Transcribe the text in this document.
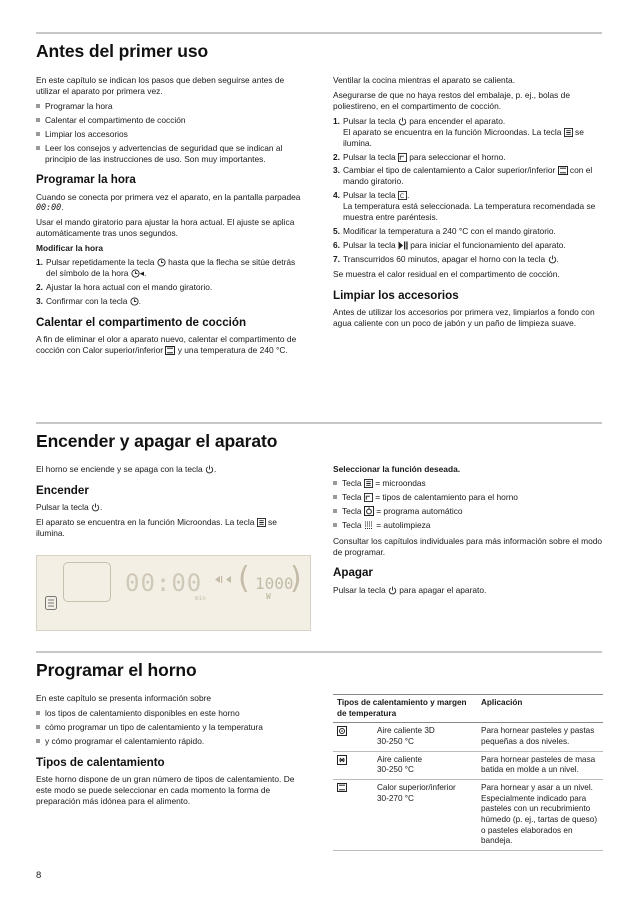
Antes del primer uso

En este capítulo se indican los pasos que deben seguirse antes de utilizar el aparato por primera vez.

Programar la hora
Calentar el compartimento de cocción
Limpiar los accesorios
Leer los consejos y advertencias de seguridad que se indican al principio de las instrucciones de uso. Son muy importantes.
Programar la hora

Cuando se conecta por primera vez el aparato, en la pantalla parpadea 00:00.

Usar el mando giratorio para ajustar la hora actual. El ajuste se aplica automáticamente tras unos segundos.

Modificar la hora
1. Pulsar repetidamente la tecla  hasta que la flecha se sitúe detrás del símbolo de la hora ◂.
2. Ajustar la hora actual con el mando giratorio.
3. Confirmar con la tecla .
Calentar el compartimento de cocción

A fin de eliminar el olor a aparato nuevo, calentar el compartimento de cocción con Calor superior/inferior  y una temperatura de 240 °C.

Ventilar la cocina mientras el aparato se calienta.

Asegurarse de que no haya restos del embalaje, p. ej., bolas de poliestireno, en el compartimento de cocción.

1. Pulsar la tecla  para encender el aparato.
El aparato se encuentra en la función Microondas. La tecla  se ilumina.
2. Pulsar la tecla  para seleccionar el horno.
3. Cambiar el tipo de calentamiento a Calor superior/inferior  con el mando giratorio.
4. Pulsar la tecla C .
La temperatura está seleccionada. La temperatura recomendada se muestra entre paréntesis.
5. Modificar la temperatura a 240 °C con el mando giratorio.
6. Pulsar la tecla  para iniciar el funcionamiento del aparato.
7. Transcurridos 60 minutos, apagar el horno con la tecla .

Se muestra el calor residual en el compartimento de cocción.

Limpiar los accesorios

Antes de utilizar los accesorios por primera vez, limpiarlos a fondo con agua caliente con un poco de jabón y un paño de limpieza suave.

Encender y apagar el aparato

El horno se enciende y se apaga con la tecla .

Encender

Pulsar la tecla .

El aparato se encuentra en la función Microondas. La tecla  se ilumina.

00:00
min
( 1000
W
)
Seleccionar la función deseada.
Tecla  = microondas
Tecla  = tipos de calentamiento para el horno
Tecla  = programa automático
Tecla  = autolimpieza

Consultar los capítulos individuales para más información sobre el modo de programar.

Apagar

Pulsar la tecla  para apagar el aparato.

Programar el horno

En este capítulo se presenta información sobre

los tipos de calentamiento disponibles en este horno
cómo programar un tipo de calentamiento y la temperatura
y cómo programar el calentamiento rápido.
Tipos de calentamiento

Este horno dispone de un gran número de tipos de calentamiento. De este modo se puede seleccionar en cada momento la forma de preparación más idónea para el alimento.

Tipos de calentamiento y margen de temperatura		Aplicación
	Aire caliente 3D
30-250 °C	Para hornear pasteles y pastas pequeñas a dos niveles.
	Aire caliente
30-250 °C	Para hornear pasteles de masa batida en molde a un nivel.
	Calor superior/inferior
30-270 °C	Para hornear y asar a un nivel. Especialmente indicado para pasteles con un recubrimiento húmedo (p. ej., tartas de queso) o pasteles elaborados en bandeja.
8
